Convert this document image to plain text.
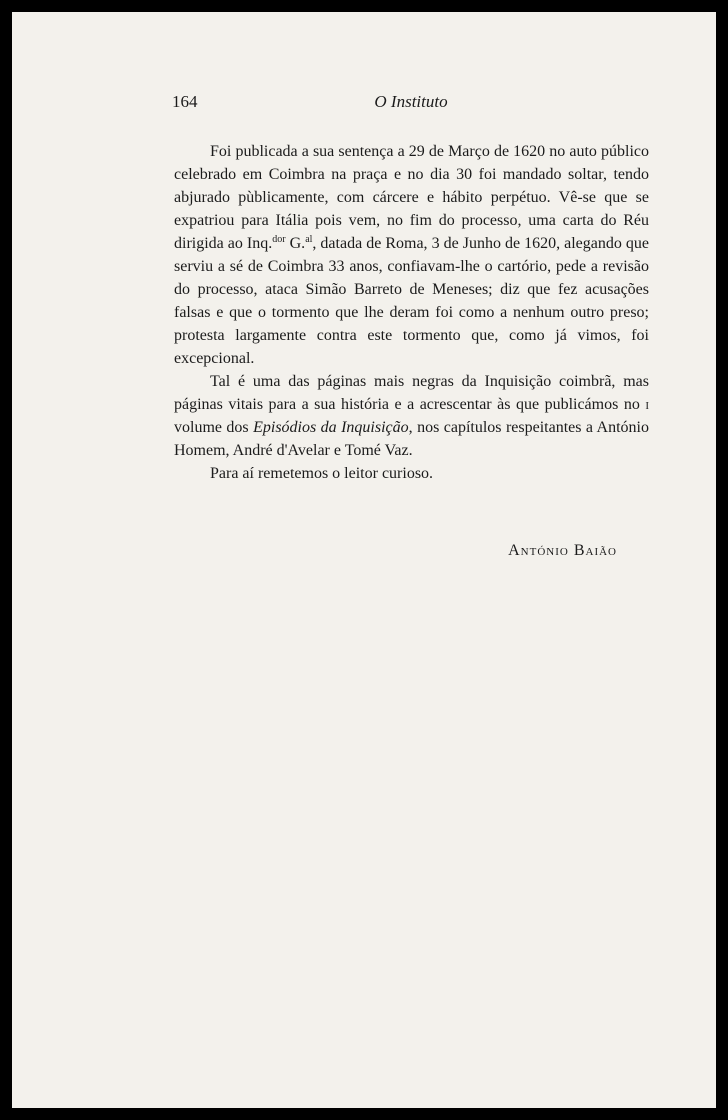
164	O Instituto

Foi publicada a sua sentença a 29 de Março de 1620 no auto público celebrado em Coimbra na praça e no dia 30 foi mandado soltar, tendo abjurado pùblicamente, com cárcere e hábito perpétuo. Vê-se que se expatriou para Itália pois vem, no fim do processo, uma carta do Réu dirigida ao Inq.$^{dor}$ G.$^{al}$, datada de Roma, 3 de Junho de 1620, alegando que serviu a sé de Coimbra 33 anos, confiavam-lhe o cartório, pede a revisão do processo, ataca Simão Barreto de Meneses; diz que fez acusações falsas e que o tormento que lhe deram foi como a nenhum outro preso; protesta largamente contra este tormento que, como já vimos, foi excepcional.

Tal é uma das páginas mais negras da Inquisição coimbrã, mas páginas vitais para a sua história e a acrescentar às que publicámos no i volume dos Episódios da Inquisição, nos capítulos respeitantes a António Homem, André d'Avelar e Tomé Vaz.

Para aí remetemos o leitor curioso.

António Baião
